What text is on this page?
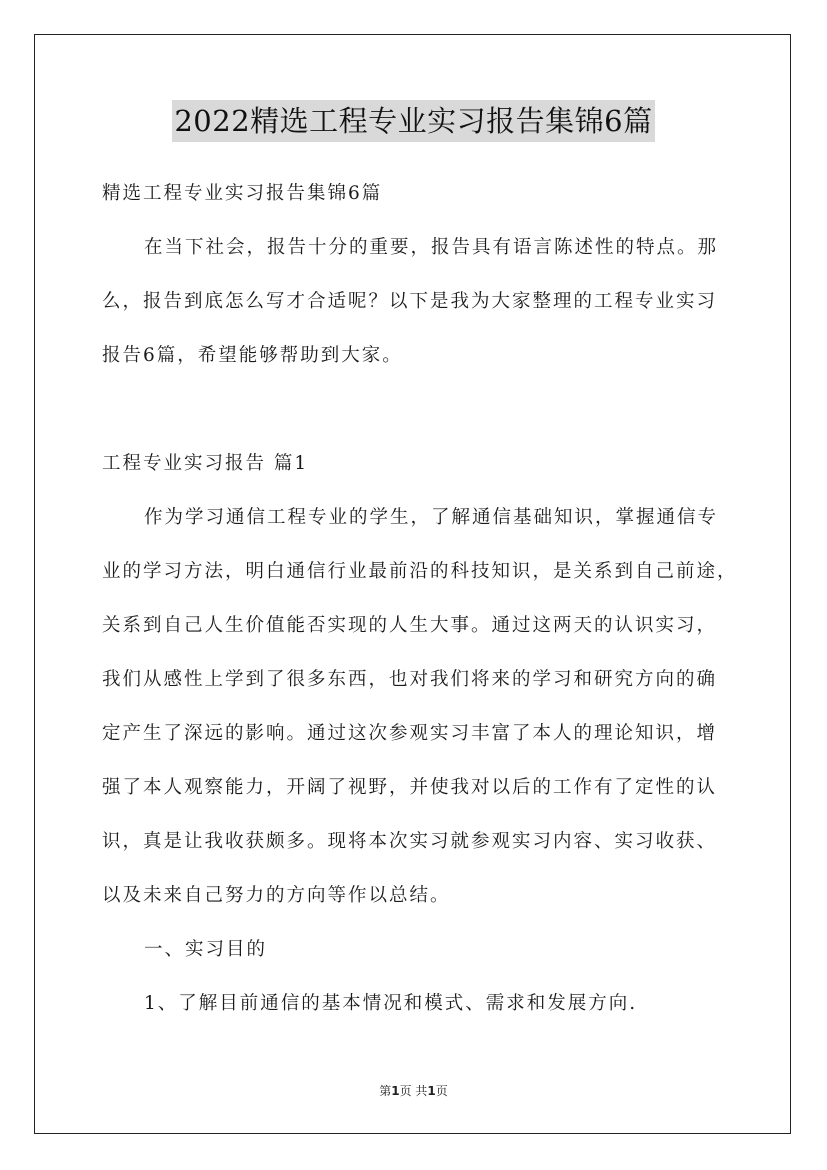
2022精选工程专业实习报告集锦6篇
精选工程专业实习报告集锦6篇
在当下社会，报告十分的重要，报告具有语言陈述性的特点。那
么，报告到底怎么写才合适呢？以下是我为大家整理的工程专业实习
报告6篇，希望能够帮助到大家。
工程专业实习报告 篇1
作为学习通信工程专业的学生，了解通信基础知识，掌握通信专
业的学习方法，明白通信行业最前沿的科技知识，是关系到自己前途，
关系到自己人生价值能否实现的人生大事。通过这两天的认识实习，
我们从感性上学到了很多东西，也对我们将来的学习和研究方向的确
定产生了深远的影响。通过这次参观实习丰富了本人的理论知识，增
强了本人观察能力，开阔了视野，并使我对以后的工作有了定性的认
识，真是让我收获颇多。现将本次实习就参观实习内容、实习收获、
以及未来自己努力的方向等作以总结。
一、实习目的
1、了解目前通信的基本情况和模式、需求和发展方向.
第1页 共1页
